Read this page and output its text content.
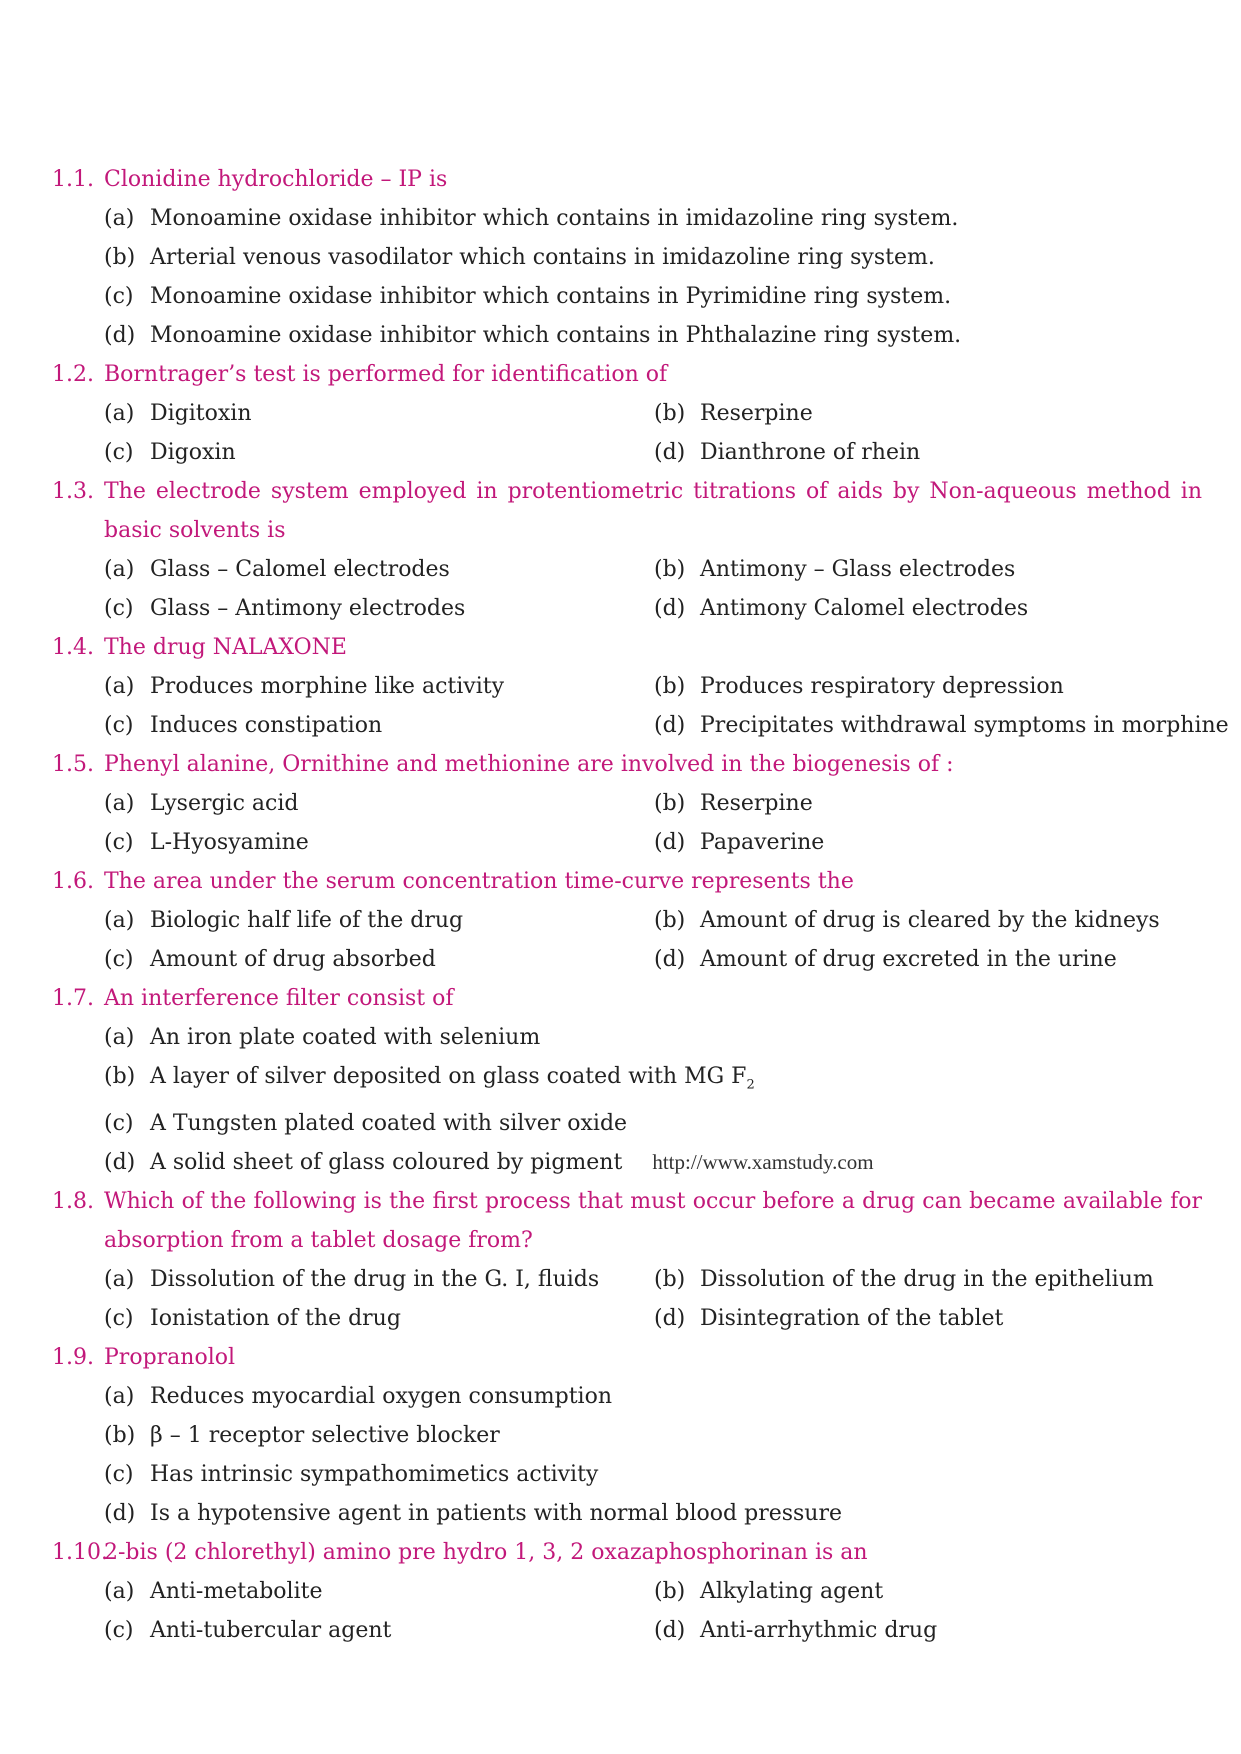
1.1. Clonidine hydrochloride – IP is
(a) Monoamine oxidase inhibitor which contains in imidazoline ring system.
(b) Arterial venous vasodilator which contains in imidazoline ring system.
(c) Monoamine oxidase inhibitor which contains in Pyrimidine ring system.
(d) Monoamine oxidase inhibitor which contains in Phthalazine ring system.
1.2. Borntrager’s test is performed for identification of
(a) Digitoxin	(b) Reserpine
(c) Digoxin	(d) Dianthrone of rhein
1.3. The electrode system employed in protentiometric titrations of aids by Non-aqueous method in basic solvents is
(a) Glass – Calomel electrodes	(b) Antimony – Glass electrodes
(c) Glass – Antimony electrodes	(d) Antimony Calomel electrodes
1.4. The drug NALAXONE
(a) Produces morphine like activity	(b) Produces respiratory depression
(c) Induces constipation	(d) Precipitates withdrawal symptoms in morphine
1.5. Phenyl alanine, Ornithine and methionine are involved in the biogenesis of :
(a) Lysergic acid	(b) Reserpine
(c) L-Hyosyamine	(d) Papaverine
1.6. The area under the serum concentration time-curve represents the
(a) Biologic half life of the drug	(b) Amount of drug is cleared by the kidneys
(c) Amount of drug absorbed	(d) Amount of drug excreted in the urine
1.7. An interference filter consist of
(a) An iron plate coated with selenium
(b) A layer of silver deposited on glass coated with MG $F_2$
(c) A Tungsten plated coated with silver oxide
(d) A solid sheet of glass coloured by pigment http://www.xamstudy.com
1.8. Which of the following is the first process that must occur before a drug can became available for absorption from a tablet dosage from?
(a) Dissolution of the drug in the G. I, fluids	(b) Dissolution of the drug in the epithelium
(c) Ionistation of the drug	(d) Disintegration of the tablet
1.9. Propranolol
(a) Reduces myocardial oxygen consumption
(b) β – 1 receptor selective blocker
(c) Has intrinsic sympathomimetics activity
(d) Is a hypotensive agent in patients with normal blood pressure
1.10.
2-bis (2 chlorethyl) amino pre hydro 1, 3, 2 oxazaphosphorinan is an
(a) Anti-metabolite	(b) Alkylating agent
(c) Anti-tubercular agent	(d) Anti-arrhythmic drug
